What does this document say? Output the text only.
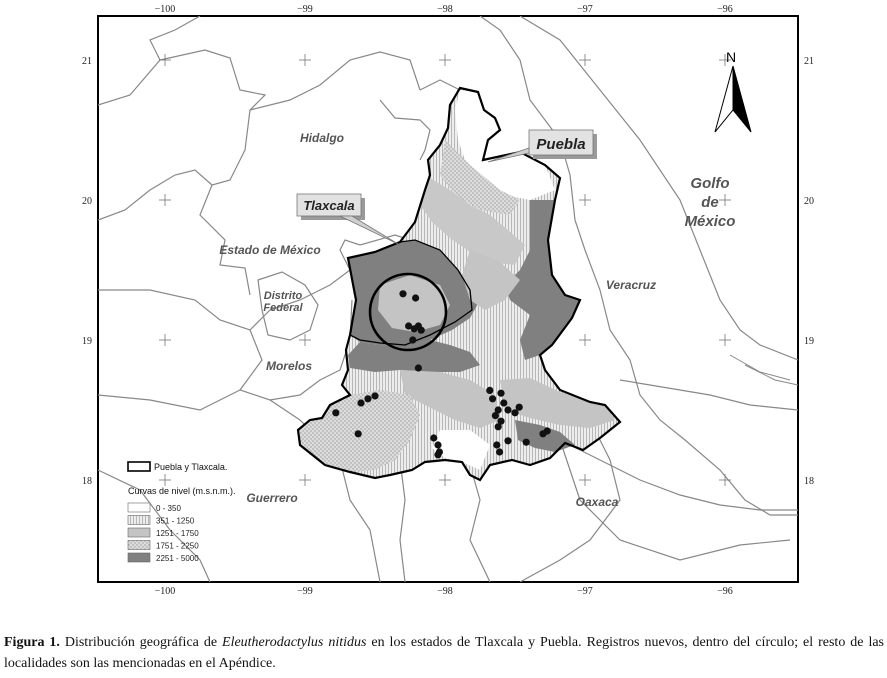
−100
−100
−99
−99
−98
−98
−97
−97
−96
−96
21	21
20	20
19	19
18	18
Hidalgo
Estado de México
Distrito
Federal
Morelos
Veracruz
Guerrero	Oaxaca
Golfo
de
México
Puebla
Tlaxcala
N
Puebla y Tlaxcala.
Curvas de nivel (m.s.n.m.).
0 - 350
351 - 1250
1251 - 1750
1751 - 2250
2251 - 5000
Figura 1. Distribución geográfica de Eleutherodactylus nitidus en los estados de Tlaxcala y Puebla. Registros nuevos, dentro del círculo; el resto de las localidades son las mencionadas en el Apéndice.
